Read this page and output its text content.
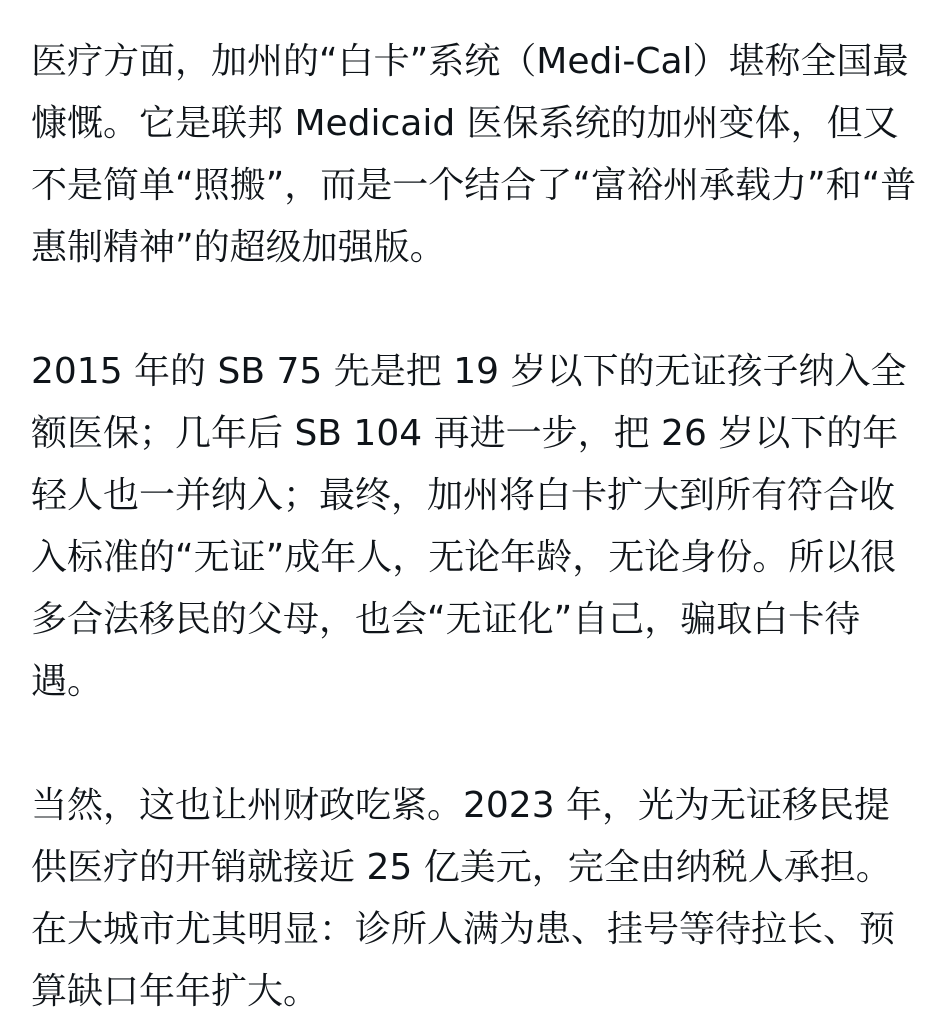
医疗方面，加州的“白卡”系统（Medi-Cal）堪称全国最慷慨。它是联邦 Medicaid 医保系统的加州变体，但又不是简单“照搬”，而是一个结合了“富裕州承载力”和“普惠制精神”的超级加强版。

2015 年的 SB 75 先是把 19 岁以下的无证孩子纳入全额医保；几年后 SB 104 再进一步，把 26 岁以下的年轻人也一并纳入；最终，加州将白卡扩大到所有符合收入标准的“无证”成年人，无论年龄，无论身份。所以很多合法移民的父母，也会“无证化”自己，骗取白卡待遇。

当然，这也让州财政吃紧。2023 年，光为无证移民提供医疗的开销就接近 25 亿美元，完全由纳税人承担。在大城市尤其明显：诊所人满为患、挂号等待拉长、预算缺口年年扩大。
